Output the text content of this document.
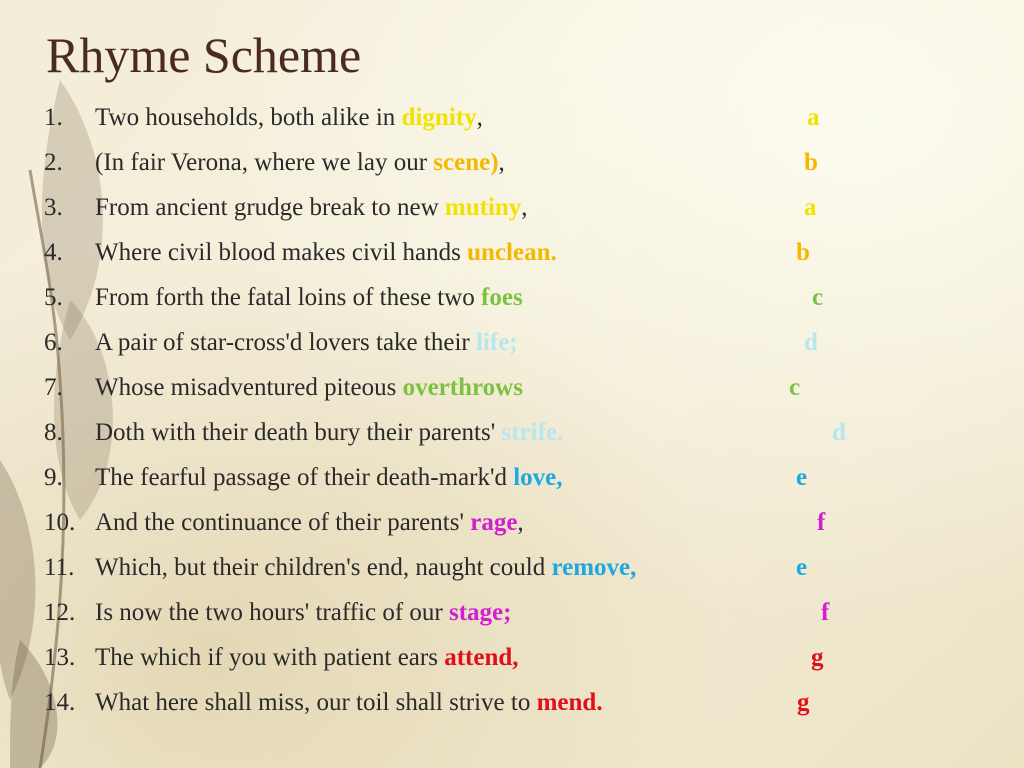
Rhyme Scheme
1. Two households, both alike in dignity,	a
2. (In fair Verona, where we lay our scene),	b
3. From ancient grudge break to new mutiny,	a
4. Where civil blood makes civil hands unclean.	b
5. From forth the fatal loins of these two foes	c
6. A pair of star-cross'd lovers take their life;	d
7. Whose misadventured piteous overthrows	c
8. Doth with their death bury their parents' strife.	d
9. The fearful passage of their death-mark'd love,	e
10. And the continuance of their parents' rage,	f
11. Which, but their children's end, naught could remove,	e
12. Is now the two hours' traffic of our stage;	f
13. The which if you with patient ears attend,	g
14. What here shall miss, our toil shall strive to mend.	g
